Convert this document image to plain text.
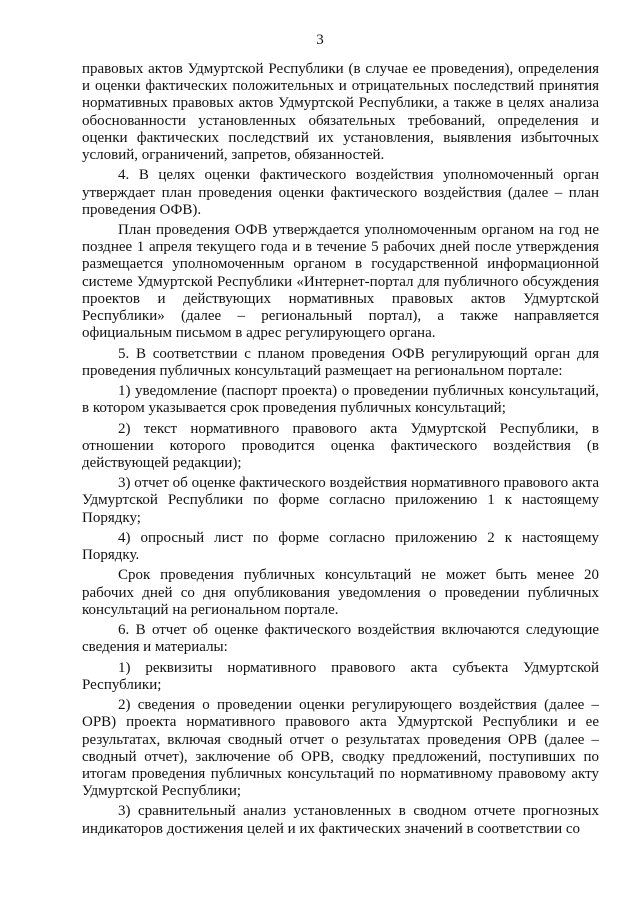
3

правовых актов Удмуртской Республики (в случае ее проведения), определения и оценки фактических положительных и отрицательных последствий принятия нормативных правовых актов Удмуртской Республики, а также в целях анализа обоснованности установленных обязательных требований, определения и оценки фактических последствий их установления, выявления избыточных условий, ограничений, запретов, обязанностей.

4. В целях оценки фактического воздействия уполномоченный орган утверждает план проведения оценки фактического воздействия (далее – план проведения ОФВ).

План проведения ОФВ утверждается уполномоченным органом на год не позднее 1 апреля текущего года и в течение 5 рабочих дней после утверждения размещается уполномоченным органом в государственной информационной системе Удмуртской Республики «Интернет-портал для публичного обсуждения проектов и действующих нормативных правовых актов Удмуртской Республики» (далее – региональный портал), а также направляется официальным письмом в адрес регулирующего органа.

5. В соответствии с планом проведения ОФВ регулирующий орган для проведения публичных консультаций размещает на региональном портале:

1) уведомление (паспорт проекта) о проведении публичных консультаций, в котором указывается срок проведения публичных консультаций;

2) текст нормативного правового акта Удмуртской Республики, в отношении которого проводится оценка фактического воздействия (в действующей редакции);

3) отчет об оценке фактического воздействия нормативного правового акта Удмуртской Республики по форме согласно приложению 1 к настоящему Порядку;

4) опросный лист по форме согласно приложению 2 к настоящему Порядку.

Срок проведения публичных консультаций не может быть менее 20 рабочих дней со дня опубликования уведомления о проведении публичных консультаций на региональном портале.

6. В отчет об оценке фактического воздействия включаются следующие сведения и материалы:

1) реквизиты нормативного правового акта субъекта Удмуртской Республики;

2) сведения о проведении оценки регулирующего воздействия (далее – ОРВ) проекта нормативного правового акта Удмуртской Республики и ее результатах, включая сводный отчет о результатах проведения ОРВ (далее – сводный отчет), заключение об ОРВ, сводку предложений, поступивших по итогам проведения публичных консультаций по нормативному правовому акту Удмуртской Республики;

3) сравнительный анализ установленных в сводном отчете прогнозных индикаторов достижения целей и их фактических значений в соответствии со
